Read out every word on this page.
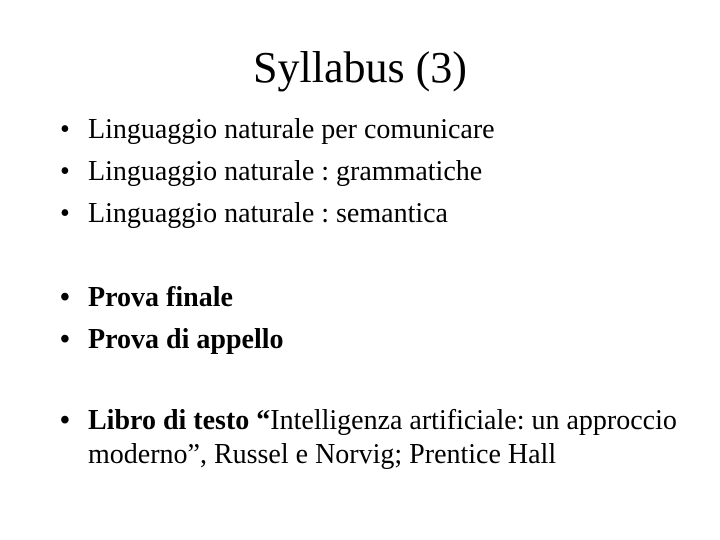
Syllabus (3)
• Linguaggio naturale per comunicare
• Linguaggio naturale : grammatiche
• Linguaggio naturale : semantica
• Prova finale
• Prova di appello
• Libro di testo “Intelligenza artificiale: un approccio moderno”, Russel e Norvig; Prentice Hall
